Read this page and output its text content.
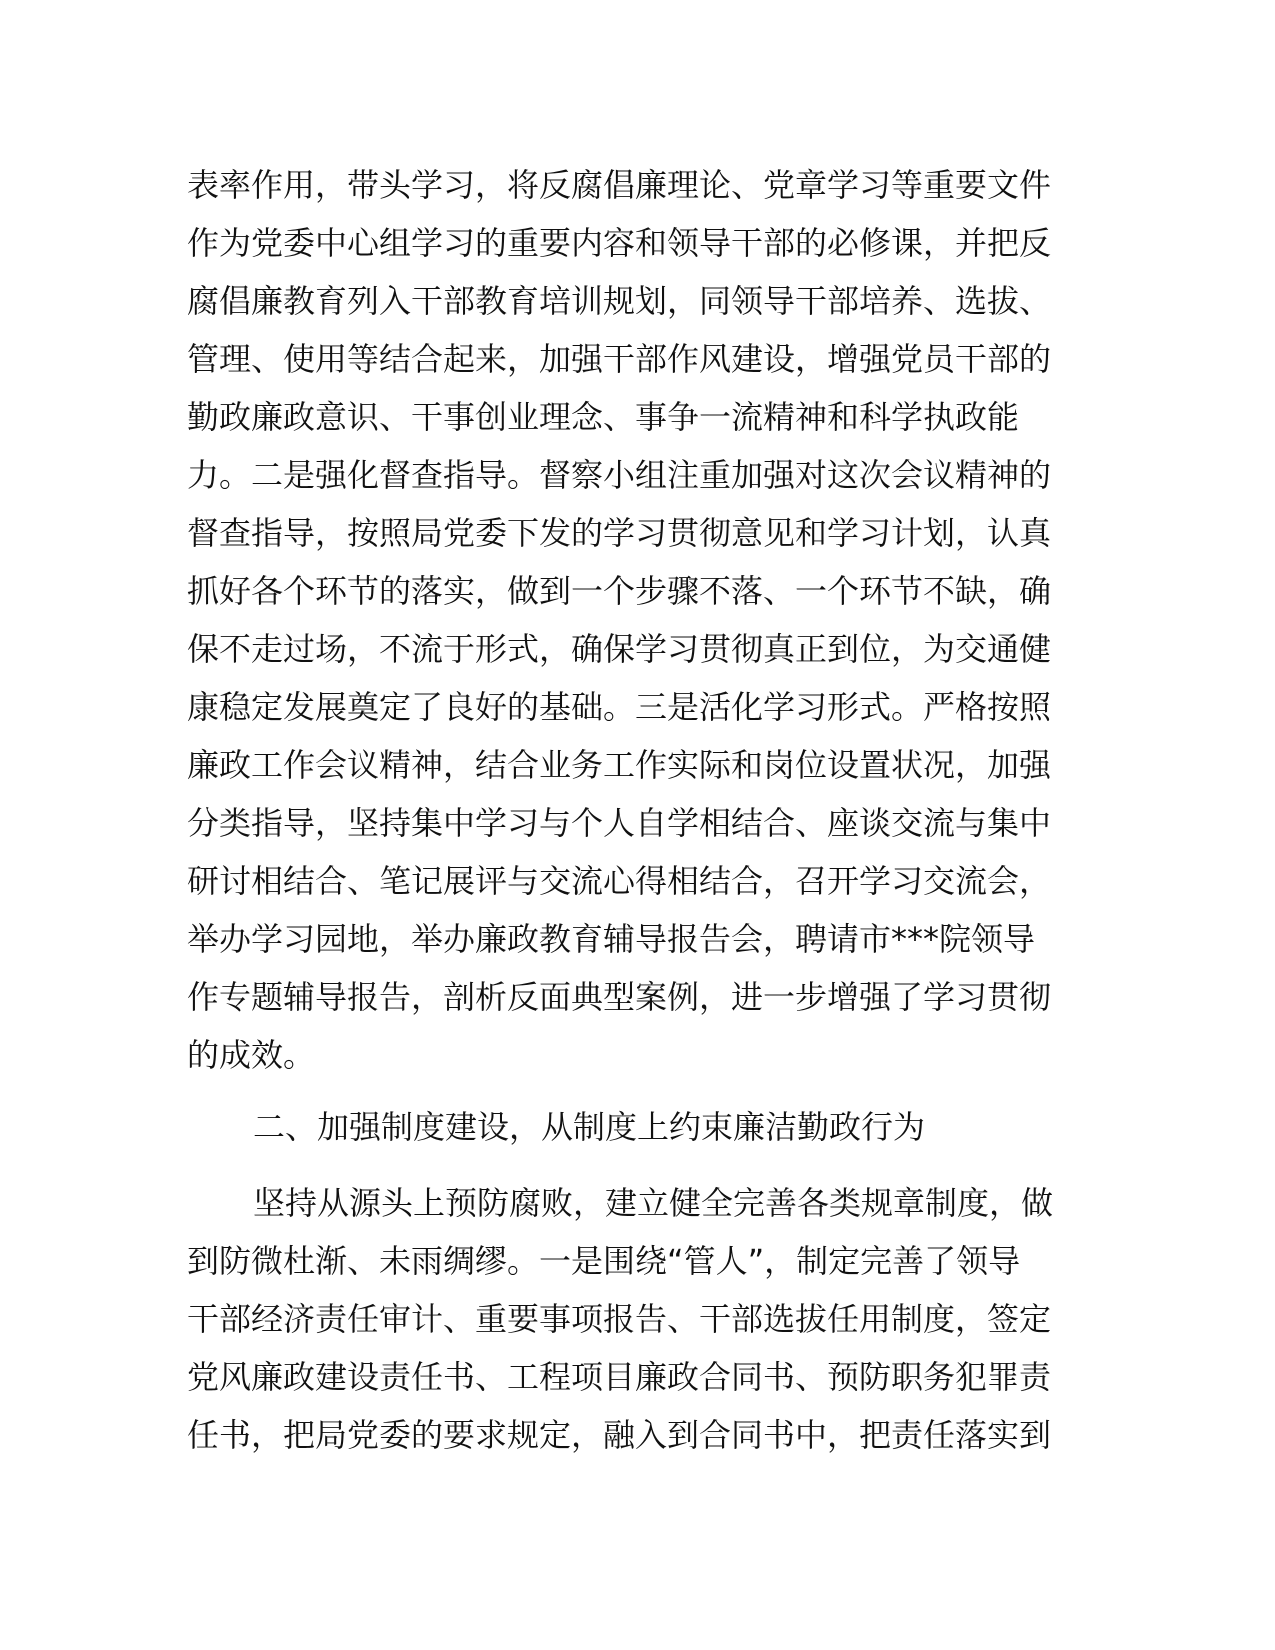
表率作用，带头学习，将反腐倡廉理论、党章学习等重要文件
作为党委中心组学习的重要内容和领导干部的必修课，并把反
腐倡廉教育列入干部教育培训规划，同领导干部培养、选拔、
管理、使用等结合起来，加强干部作风建设，增强党员干部的
勤政廉政意识、干事创业理念、事争一流精神和科学执政能
力。二是强化督查指导。督察小组注重加强对这次会议精神的
督查指导，按照局党委下发的学习贯彻意见和学习计划，认真
抓好各个环节的落实，做到一个步骤不落、一个环节不缺，确
保不走过场，不流于形式，确保学习贯彻真正到位，为交通健
康稳定发展奠定了良好的基础。三是活化学习形式。严格按照
廉政工作会议精神，结合业务工作实际和岗位设置状况，加强
分类指导，坚持集中学习与个人自学相结合、座谈交流与集中
研讨相结合、笔记展评与交流心得相结合，召开学习交流会，
举办学习园地，举办廉政教育辅导报告会，聘请市***院领导
作专题辅导报告，剖析反面典型案例，进一步增强了学习贯彻
的成效。
二、加强制度建设，从制度上约束廉洁勤政行为
坚持从源头上预防腐败，建立健全完善各类规章制度，做
到防微杜渐、未雨绸缪。一是围绕“管人”，制定完善了领导
干部经济责任审计、重要事项报告、干部选拔任用制度，签定
党风廉政建设责任书、工程项目廉政合同书、预防职务犯罪责
任书，把局党委的要求规定，融入到合同书中，把责任落实到
